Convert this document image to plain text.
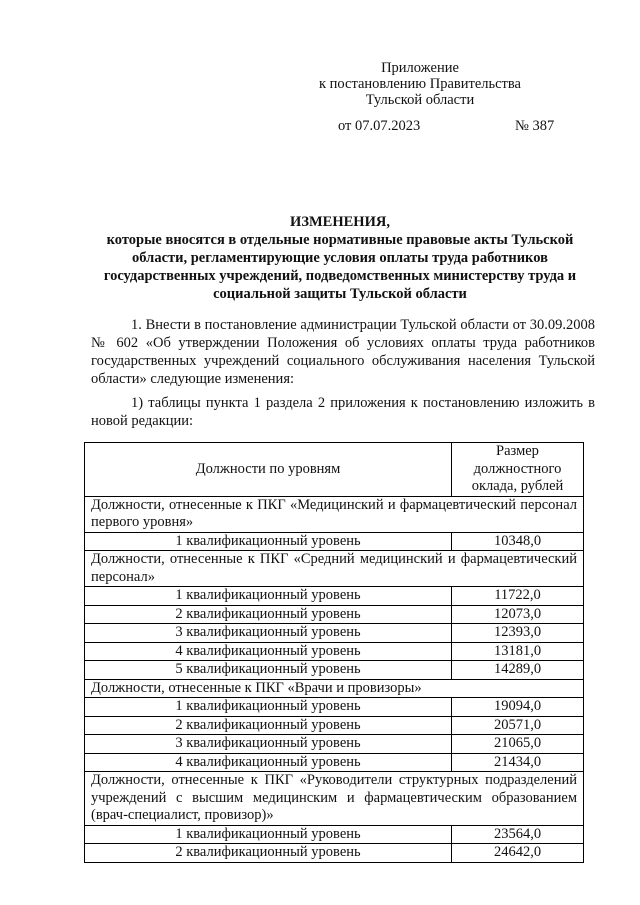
Приложение
к постановлению Правительства
Тульской области
от 07.07.2023	№ 387
ИЗМЕНЕНИЯ,
которые вносятся в отдельные нормативные правовые акты Тульской области, регламентирующие условия оплаты труда работников государственных учреждений, подведомственных министерству труда и социальной защиты Тульской области
1. Внести в постановление администрации Тульской области от 30.09.2008 № 602 «Об утверждении Положения об условиях оплаты труда работников государственных учреждений социального обслуживания населения Тульской области» следующие изменения:
1) таблицы пункта 1 раздела 2 приложения к постановлению изложить в новой редакции:
Должности по уровням	Размер должностного оклада, рублей
Должности, отнесенные к ПКГ «Медицинский и фармацевтический персонал первого уровня»	
1 квалификационный уровень	10348,0
Должности, отнесенные к ПКГ «Средний медицинский и фармацевтический персонал»	
1 квалификационный уровень	11722,0
2 квалификационный уровень	12073,0
3 квалификационный уровень	12393,0
4 квалификационный уровень	13181,0
5 квалификационный уровень	14289,0
Должности, отнесенные к ПКГ «Врачи и провизоры»	
1 квалификационный уровень	19094,0
2 квалификационный уровень	20571,0
3 квалификационный уровень	21065,0
4 квалификационный уровень	21434,0
Должности, отнесенные к ПКГ «Руководители структурных подразделений учреждений с высшим медицинским и фармацевтическим образованием (врач-специалист, провизор)»	
1 квалификационный уровень	23564,0
2 квалификационный уровень	24642,0
